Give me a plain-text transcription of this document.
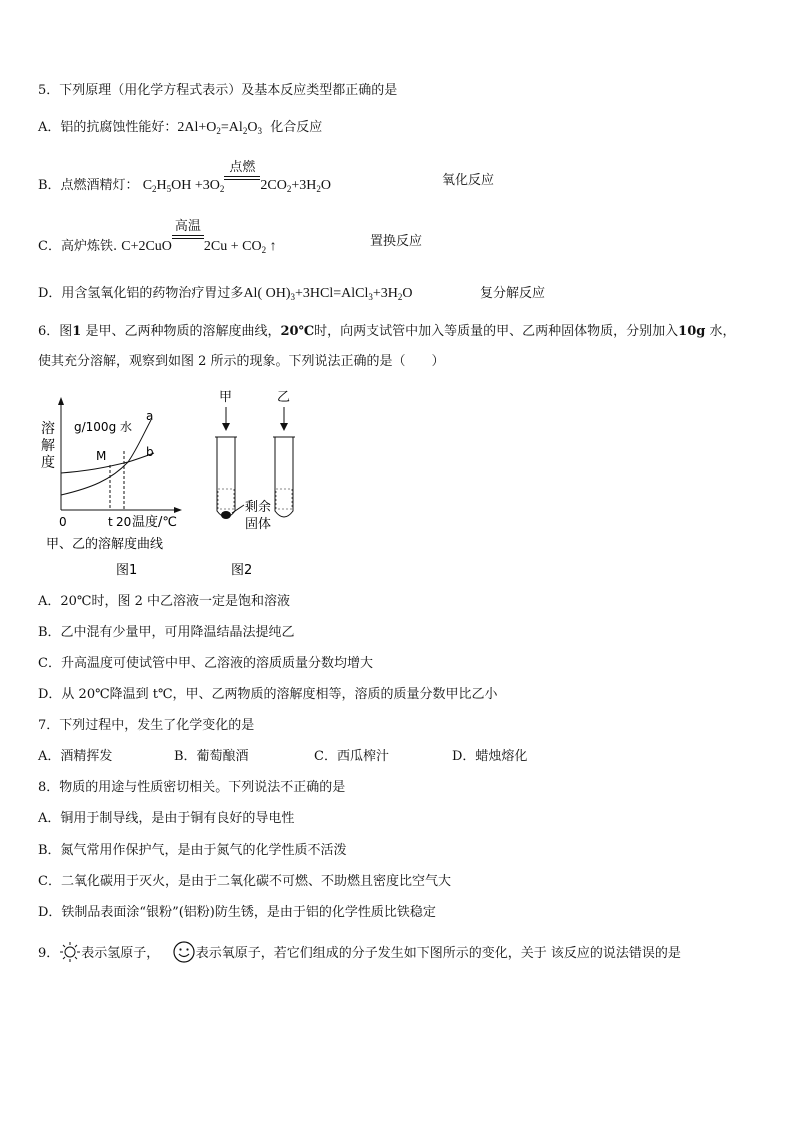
5．下列原理（用化学方程式表示）及基本反应类型都正确的是
A．铝的抗腐蚀性能好：$2Al+O_2=Al_2O_3$ 化合反应
B．点燃酒精灯： $C_2H_5OH +3O_2$
点燃
$2CO_2+3H_2O$	氧化反应
C．高炉炼铁. C+2CuO
高温
$2Cu + CO_2$ ↑	置换反应
D．用含氢氧化铝的药物治疗胃过多Al( $OH)_3+3HCl=AlCl_3+3H_2O$	复分解反应
6．图1 是甲、乙两种物质的溶解度曲线，20℃时，向两支试管中加入等质量的甲、乙两种固体物质，分别加入10g 水，
使其充分溶解，观察到如图 2 所示的现象。下列说法正确的是（　　）
溶
解
度
g/100g 水
a
b
M
0	t 20 温度/℃
甲、乙的溶解度曲线
图1
甲	乙
剩余
固体
图2
A．20℃时，图 2 中乙溶液一定是饱和溶液
B．乙中混有少量甲，可用降温结晶法提纯乙
C．升高温度可使试管中甲、乙溶液的溶质质量分数均增大
D．从 20℃降温到 t℃，甲、乙两物质的溶解度相等，溶质的质量分数甲比乙小
7．下列过程中，发生了化学变化的是
A．酒精挥发	B．葡萄酿酒	C．西瓜榨汁	D．蜡烛熔化
8．物质的用途与性质密切相关。下列说法不正确的是
A．铜用于制导线，是由于铜有良好的导电性
B．氮气常用作保护气，是由于氮气的化学性质不活泼
C．二氧化碳用于灭火，是由于二氧化碳不可燃、不助燃且密度比空气大
D．铁制品表面涂“银粉”(铝粉)防生锈，是由于铝的化学性质比铁稳定
9． 表示氢原子，	表示氧原子，若它们组成的分子发生如下图所示的变化，关于 该反应的说法错误的是
